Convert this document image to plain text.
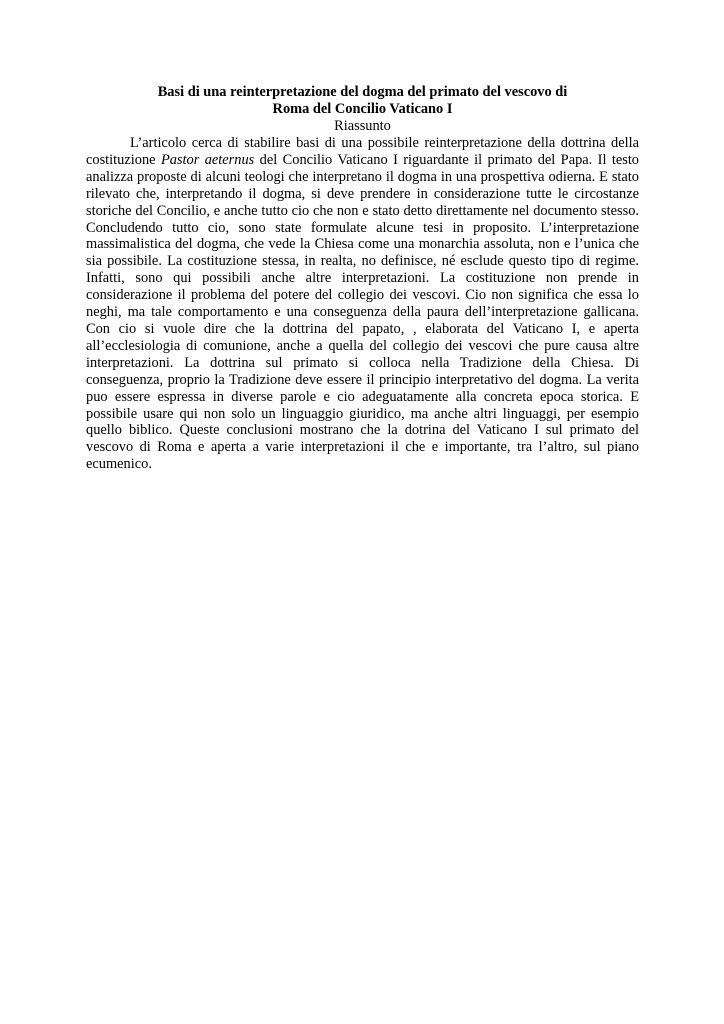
Basi di una reinterpretazione del dogma del primato del vescovo di
Roma del Concilio Vaticano I

Riassunto

L’articolo cerca di stabilire basi di una possibile reinterpretazione della dottrina della costituzione Pastor aeternus del Concilio Vaticano I riguardante il primato del Papa. Il testo analizza proposte di alcuni teologi che interpretano il dogma in una prospettiva odierna. E stato rilevato che, interpretando il dogma, si deve prendere in considerazione tutte le circostanze storiche del Concilio, e anche tutto cio che non e stato detto direttamente nel documento stesso. Concludendo tutto cio, sono state formulate alcune tesi in proposito. L’interpretazione massimalistica del dogma, che vede la Chiesa come una monarchia assoluta, non e l’unica che sia possibile. La costituzione stessa, in realta, no definisce, né esclude questo tipo di regime. Infatti, sono qui possibili anche altre interpretazioni. La costituzione non prende in considerazione il problema del potere del collegio dei vescovi. Cio non significa che essa lo neghi, ma tale comportamento e una conseguenza della paura dell’interpretazione gallicana. Con cio si vuole dire che la dottrina del papato, , elaborata del Vaticano I, e aperta all’ecclesiologia di comunione, anche a quella del collegio dei vescovi che pure causa altre interpretazioni. La dottrina sul primato si colloca nella Tradizione della Chiesa. Di conseguenza, proprio la Tradizione deve essere il principio interpretativo del dogma. La verita puo essere espressa in diverse parole e cio adeguatamente alla concreta epoca storica. E possibile usare qui non solo un linguaggio giuridico, ma anche altri linguaggi, per esempio quello biblico. Queste conclusioni mostrano che la dotrina del Vaticano I sul primato del vescovo di Roma e aperta a varie interpretazioni il che e importante, tra l’altro, sul piano ecumenico.
